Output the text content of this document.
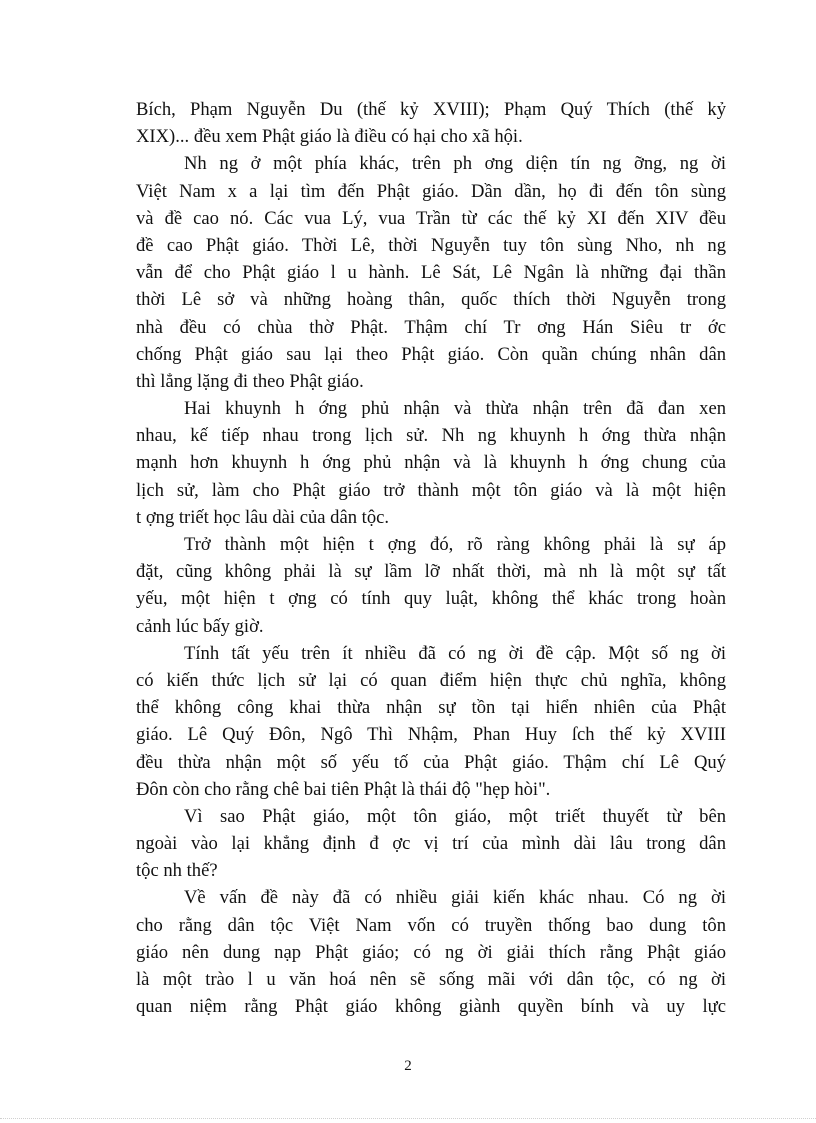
Bích, Phạm Nguyễn Du (thế kỷ XVIII); Phạm Quý Thích (thế kỷ
XIX)... đều xem Phật giáo là điều có hại cho xã hội.
Nh ng ở một phía khác, trên ph ơng diện tín ng ỡng, ng ời
Việt Nam x a lại tìm đến Phật giáo. Dần dần, họ đi đến tôn sùng
và đề cao nó. Các vua Lý, vua Trần từ các thế kỷ XI đến XIV đều
đề cao Phật giáo. Thời Lê, thời Nguyễn tuy tôn sùng Nho, nh ng
vẫn để cho Phật giáo l u hành. Lê Sát, Lê Ngân là những đại thần
thời Lê sở và những hoàng thân, quốc thích thời Nguyễn trong
nhà đều có chùa thờ Phật. Thậm chí Tr ơng Hán Siêu tr ớc
chống Phật giáo sau lại theo Phật giáo. Còn quần chúng nhân dân
thì lẳng lặng đi theo Phật giáo.
Hai khuynh h ớng phủ nhận và thừa nhận trên đã đan xen
nhau, kế tiếp nhau trong lịch sử. Nh ng khuynh h ớng thừa nhận
mạnh hơn khuynh h ớng phủ nhận và là khuynh h ớng chung của
lịch sử, làm cho Phật giáo trở thành một tôn giáo và là một hiện
t ợng triết học lâu dài của dân tộc.
Trở thành một hiện t ợng đó, rõ ràng không phải là sự áp
đặt, cũng không phải là sự lầm lỡ nhất thời, mà nh là một sự tất
yếu, một hiện t ợng có tính quy luật, không thể khác trong hoàn
cảnh lúc bấy giờ.
Tính tất yếu trên ít nhiều đã có ng ời đề cập. Một số ng ời
có kiến thức lịch sử lại có quan điểm hiện thực chủ nghĩa, không
thể không công khai thừa nhận sự tồn tại hiển nhiên của Phật
giáo. Lê Quý Đôn, Ngô Thì Nhậm, Phan Huy ſch thế kỷ XVIII
đều thừa nhận một số yếu tố của Phật giáo. Thậm chí Lê Quý
Đôn còn cho rằng chê bai tiên Phật là thái độ "hẹp hòi".
Vì sao Phật giáo, một tôn giáo, một triết thuyết từ bên
ngoài vào lại khẳng định đ ợc vị trí của mình dài lâu trong dân
tộc nh thế?
Về vấn đề này đã có nhiều giải kiến khác nhau. Có ng ời
cho rằng dân tộc Việt Nam vốn có truyền thống bao dung tôn
giáo nên dung nạp Phật giáo; có ng ời giải thích rằng Phật giáo
là một trào l u văn hoá nên sẽ sống mãi với dân tộc, có ng ời
quan niệm rằng Phật giáo không giành quyền bính và uy lực
2
